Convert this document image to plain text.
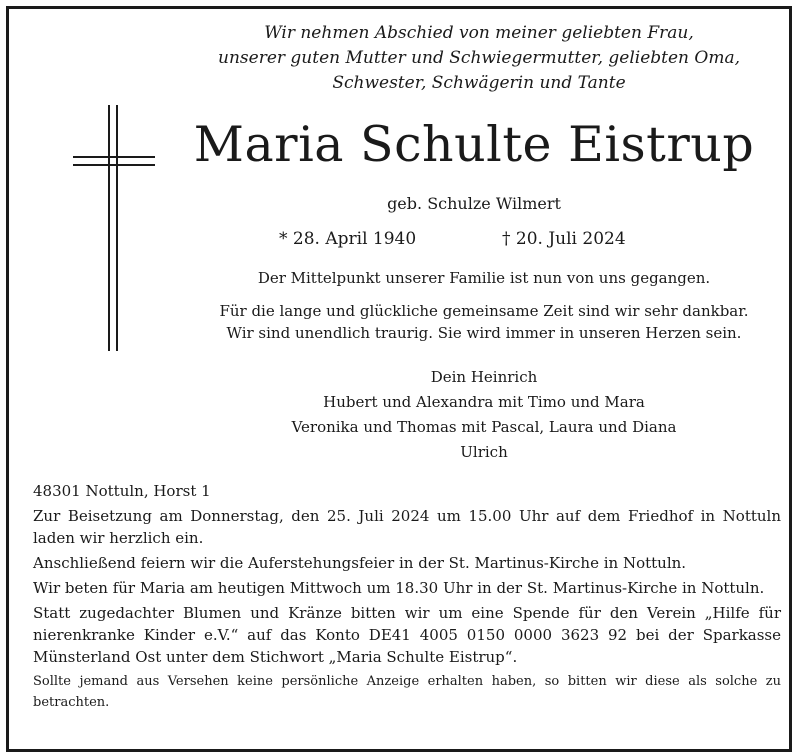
Wir nehmen Abschied von meiner geliebten Frau,
unserer guten Mutter und Schwiegermutter, geliebten Oma,
Schwester, Schwägerin und Tante
Maria Schulte Eistrup
geb. Schulze Wilmert
* 28. April 1940	† 20. Juli 2024
Der Mittelpunkt unserer Familie ist nun von uns gegangen.
Für die lange und glückliche gemeinsame Zeit sind wir sehr dankbar.
Wir sind unendlich traurig. Sie wird immer in unseren Herzen sein.
Dein Heinrich
Hubert und Alexandra mit Timo und Mara
Veronika und Thomas mit Pascal, Laura und Diana
Ulrich

48301 Nottuln, Horst 1

Zur Beisetzung am Donnerstag, den 25. Juli 2024 um 15.00 Uhr auf dem Friedhof in Nottuln laden wir herzlich ein.

Anschließend feiern wir die Auferstehungsfeier in der St. Martinus-Kirche in Nottuln.

Wir beten für Maria am heutigen Mittwoch um 18.30 Uhr in der St. Martinus-Kirche in Nottuln.

Statt zugedachter Blumen und Kränze bitten wir um eine Spende für den Verein „Hilfe für nierenkranke Kinder e.V.“ auf das Konto DE41 4005 0150 0000 3623 92 bei der Sparkasse Münsterland Ost unter dem Stichwort „Maria Schulte Eistrup“.

Sollte jemand aus Versehen keine persönliche Anzeige erhalten haben, so bitten wir diese als solche zu betrachten.
